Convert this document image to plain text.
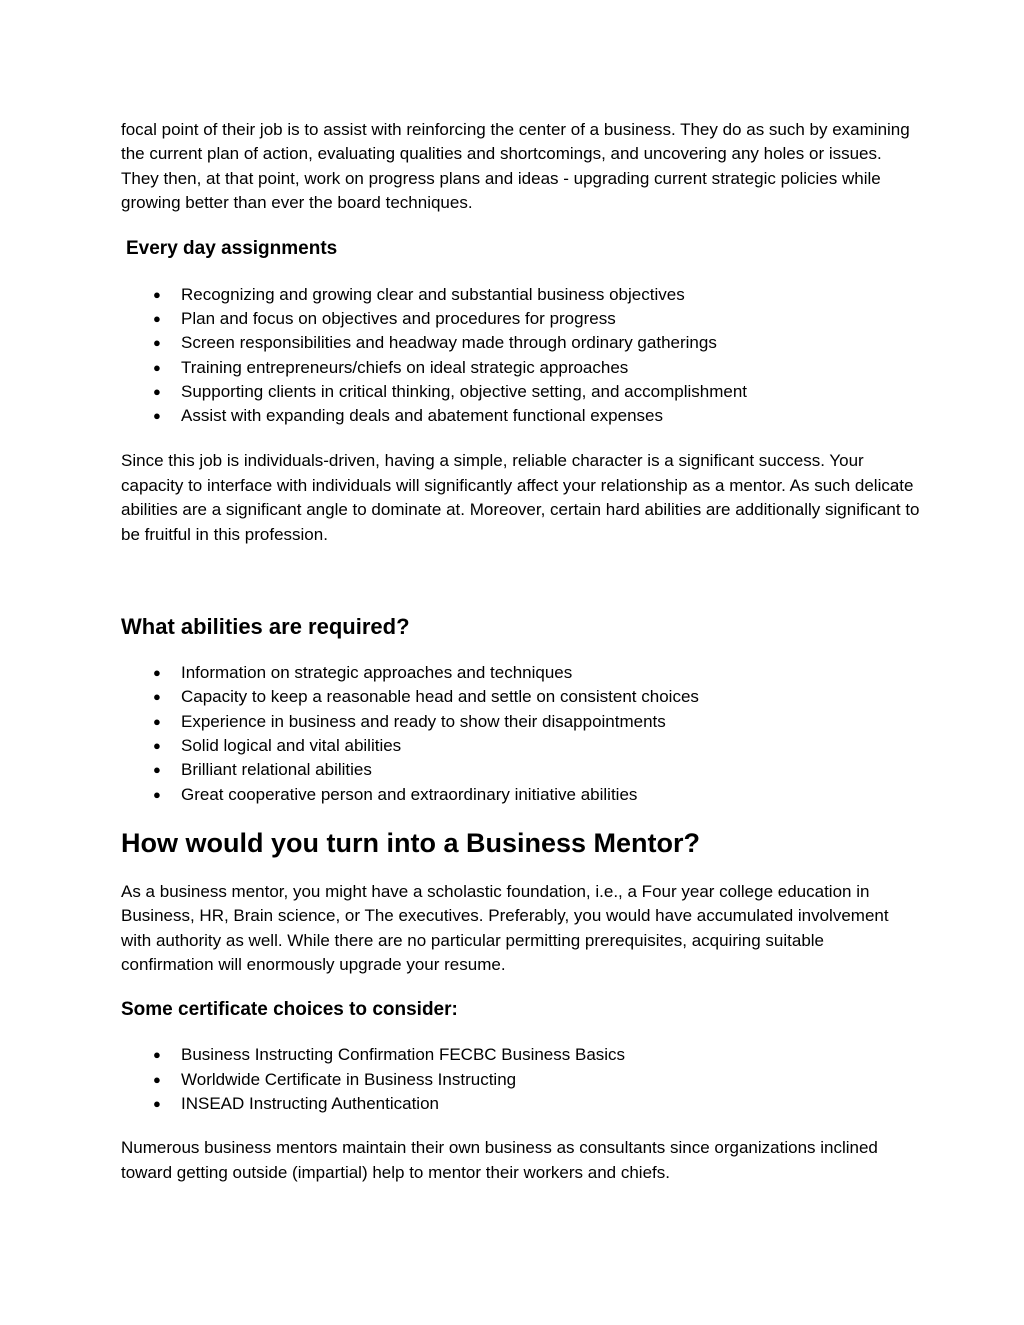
focal point of their job is to assist with reinforcing the center of a business. They do as such by examining the current plan of action, evaluating qualities and shortcomings, and uncovering any holes or issues. They then, at that point, work on progress plans and ideas - upgrading current strategic policies while growing better than ever the board techniques.

Every day assignments
● Recognizing and growing clear and substantial business objectives
● Plan and focus on objectives and procedures for progress
● Screen responsibilities and headway made through ordinary gatherings
● Training entrepreneurs/chiefs on ideal strategic approaches
● Supporting clients in critical thinking, objective setting, and accomplishment
● Assist with expanding deals and abatement functional expenses

Since this job is individuals-driven, having a simple, reliable character is a significant success. Your capacity to interface with individuals will significantly affect your relationship as a mentor. As such delicate abilities are a significant angle to dominate at. Moreover, certain hard abilities are additionally significant to be fruitful in this profession.

What abilities are required?
● Information on strategic approaches and techniques
● Capacity to keep a reasonable head and settle on consistent choices
● Experience in business and ready to show their disappointments
● Solid logical and vital abilities
● Brilliant relational abilities
● Great cooperative person and extraordinary initiative abilities
How would you turn into a Business Mentor?

As a business mentor, you might have a scholastic foundation, i.e., a Four year college education in Business, HR, Brain science, or The executives. Preferably, you would have accumulated involvement with authority as well. While there are no particular permitting prerequisites, acquiring suitable confirmation will enormously upgrade your resume.

Some certificate choices to consider:
● Business Instructing Confirmation FECBC Business Basics
● Worldwide Certificate in Business Instructing
● INSEAD Instructing Authentication

Numerous business mentors maintain their own business as consultants since organizations inclined toward getting outside (impartial) help to mentor their workers and chiefs.
